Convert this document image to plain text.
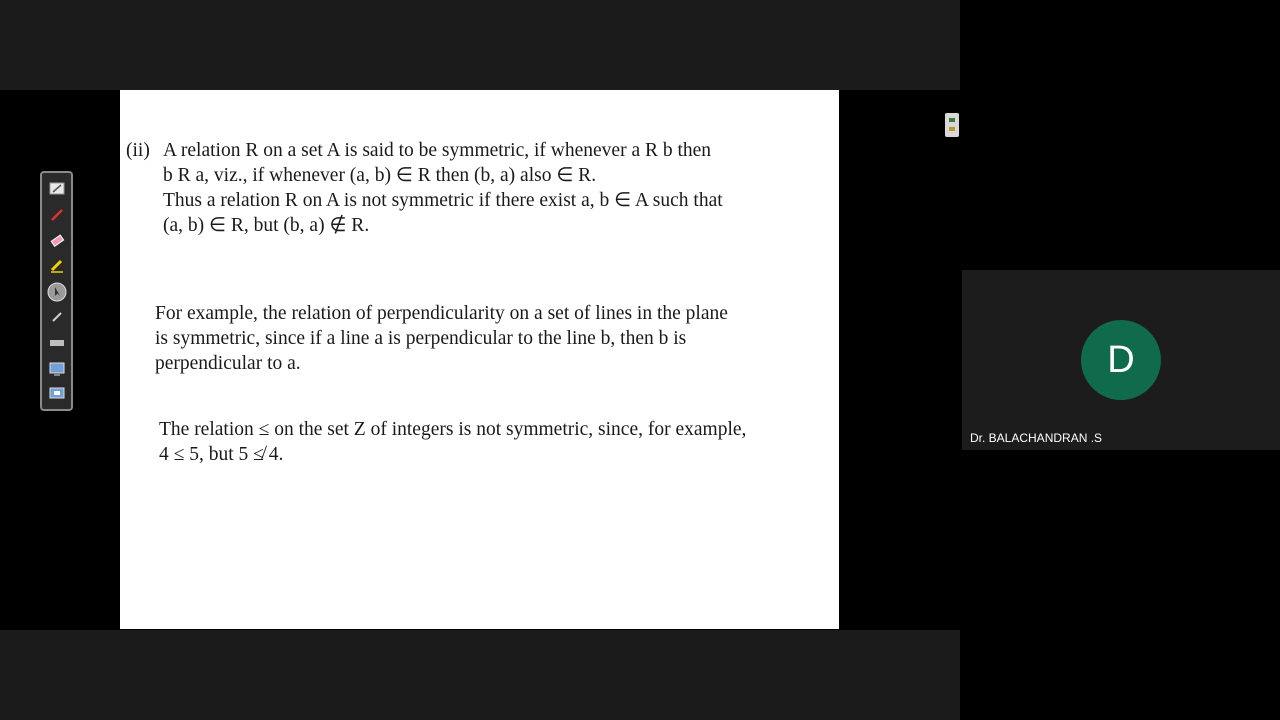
(ii) A relation R on a set A is said to be symmetric, if whenever a R b then

b R a, viz., if whenever (a, b) ∈ R then (b, a) also ∈ R.

Thus a relation R on A is not symmetric if there exist a, b ∈ A such that

(a, b) ∈ R, but (b, a) ∉ R.

For example, the relation of perpendicularity on a set of lines in the plane

is symmetric, since if a line a is perpendicular to the line b, then b is

perpendicular to a.

The relation ≤ on the set Z of integers is not symmetric, since, for example,

4 ≤ 5, but 5 ≰ 4.

D
Dr. BALACHANDRAN .S
